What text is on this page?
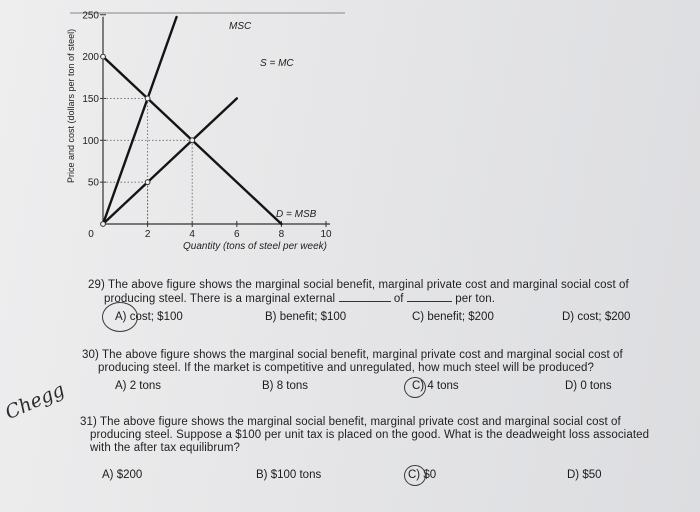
250
200
150
100
50
0	2	4	6	8	10
MSC
S = MC
D = MSB
Quantity (tons of steel per week)
Price and cost (dollars per ton of steel)
29) The above figure shows the marginal social benefit, marginal private cost and marginal social cost of
producing steel. There is a marginal external	of	per ton.
A) cost; $100	B) benefit; $100	C) benefit; $200	D) cost; $200
30) The above figure shows the marginal social benefit, marginal private cost and marginal social cost of
producing steel. If the market is competitive and unregulated, how much steel will be produced?
A) 2 tons	B) 8 tons	C) 4 tons	D) 0 tons
31) The above figure shows the marginal social benefit, marginal private cost and marginal social cost of
producing steel. Suppose a $100 per unit tax is placed on the good. What is the deadweight loss associated
with the after tax equilibrum?
A) $200	B) $100 tons	C) $0	D) $50
Chegg
